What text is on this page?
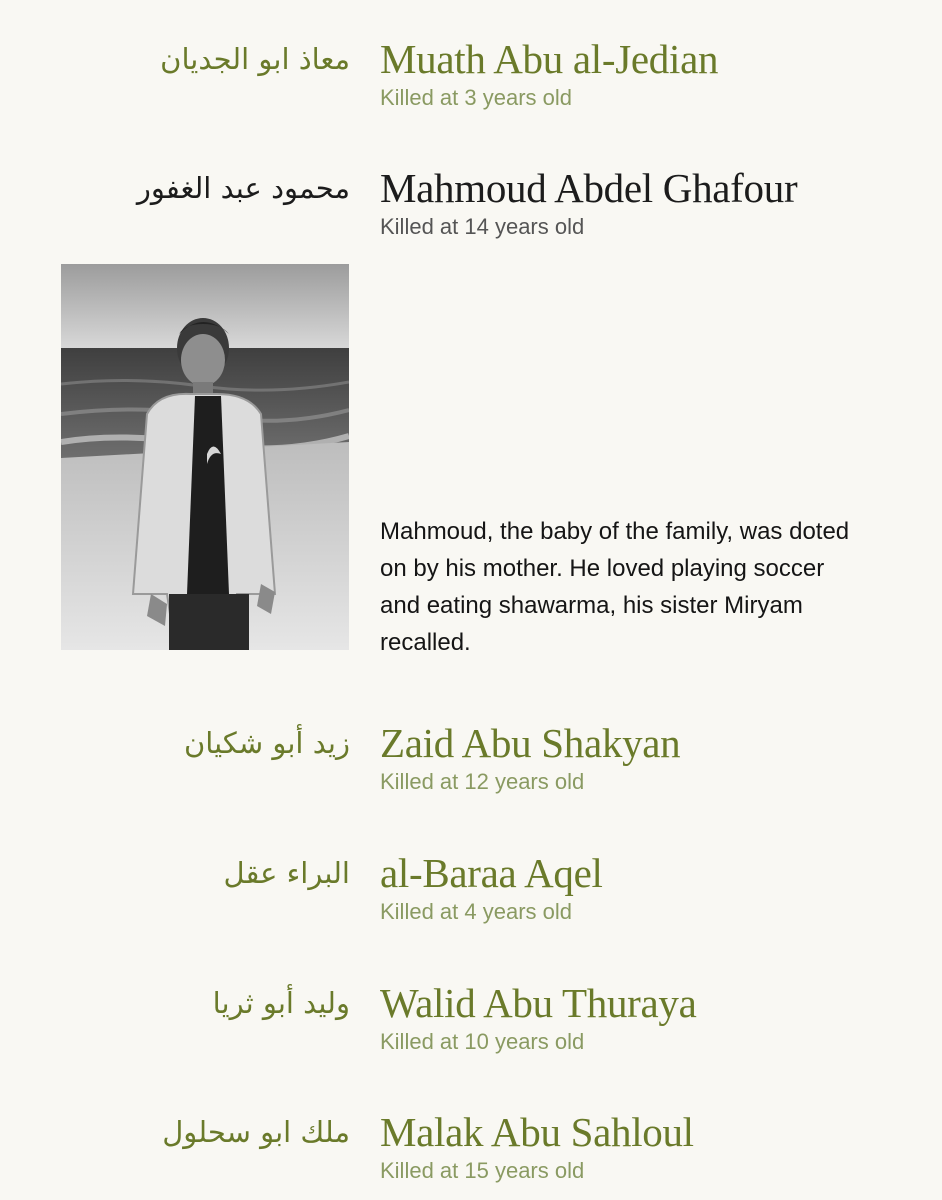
معاذ ابو الجديان Muath Abu al-Jedian
Killed at 3 years old
محمود عبد الغفور Mahmoud Abdel Ghafour
Killed at 14 years old
Mahmoud, the baby of the family, was doted on by his mother. He loved playing soccer and eating shawarma, his sister Miryam recalled.
زيد أبو شكيان Zaid Abu Shakyan
Killed at 12 years old
البراء عقل al-Baraa Aqel
Killed at 4 years old
وليد أبو ثريا Walid Abu Thuraya
Killed at 10 years old
ملك ابو سحلول Malak Abu Sahloul
Killed at 15 years old
